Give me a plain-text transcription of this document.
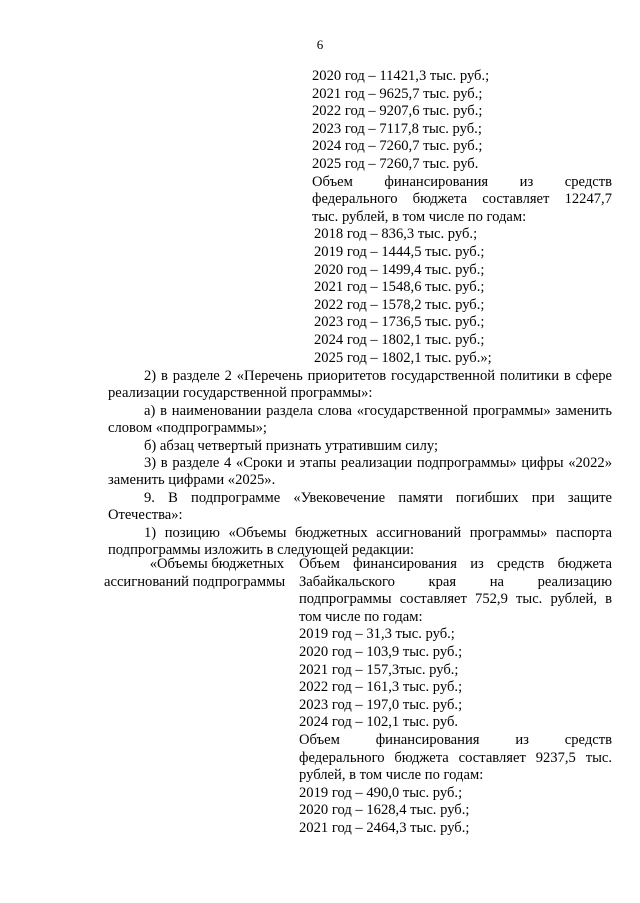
6
2020 год – 11421,3 тыс. руб.;
2021 год – 9625,7 тыс. руб.;
2022 год – 9207,6 тыс. руб.;
2023 год – 7117,8 тыс. руб.;
2024 год – 7260,7 тыс. руб.;
2025 год – 7260,7 тыс. руб.
Объем финансирования из средств
федерального бюджета составляет 12247,7
тыс. рублей, в том числе по годам:
2018 год – 836,3 тыс. руб.;
2019 год – 1444,5 тыс. руб.;
2020 год – 1499,4 тыс. руб.;
2021 год – 1548,6 тыс. руб.;
2022 год – 1578,2 тыс. руб.;
2023 год – 1736,5 тыс. руб.;
2024 год – 1802,1 тыс. руб.;
2025 год – 1802,1 тыс. руб.»;

2) в разделе 2 «Перечень приоритетов государственной политики в сфере реализации государственной программы»:

а) в наименовании раздела слова «государственной программы» заменить словом «подпрограммы»;

б) абзац четвертый признать утратившим силу;

3) в разделе 4 «Сроки и этапы реализации подпрограммы» цифры «2022» заменить цифрами «2025».

9. В подпрограмме «Увековечение памяти погибших при защите Отечества»:

1) позицию «Объемы бюджетных ассигнований программы» паспорта подпрограммы изложить в следующей редакции:

«Объемы бюджетных
ассигнований подпрограммы
Объем финансирования из средств бюджета
Забайкальского края на реализацию
подпрограммы составляет 752,9 тыс. рублей, в
том числе по годам:
2019 год – 31,3 тыс. руб.;
2020 год – 103,9 тыс. руб.;
2021 год – 157,3тыс. руб.;
2022 год – 161,3 тыс. руб.;
2023 год – 197,0 тыс. руб.;
2024 год – 102,1 тыс. руб.
Объем финансирования из средств
федерального бюджета составляет 9237,5 тыс.
рублей, в том числе по годам:
2019 год – 490,0 тыс. руб.;
2020 год – 1628,4 тыс. руб.;
2021 год – 2464,3 тыс. руб.;
